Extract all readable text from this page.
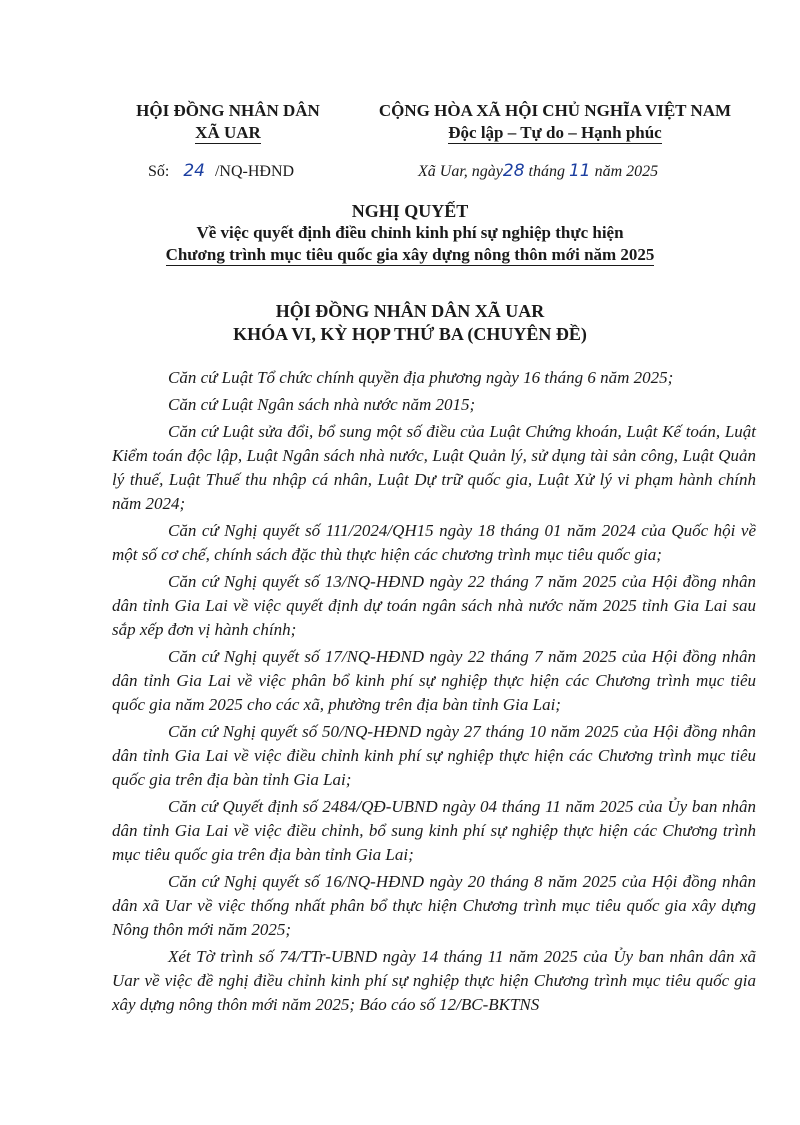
HỘI ĐỒNG NHÂN DÂN
XÃ UAR
CỘNG HÒA XÃ HỘI CHỦ NGHĨA VIỆT NAM
Độc lập – Tự do – Hạnh phúc
Số: 24 /NQ-HĐND	Xã Uar, ngày28 tháng 11 năm 2025
NGHỊ QUYẾT
Về việc quyết định điều chỉnh kinh phí sự nghiệp thực hiện
Chương trình mục tiêu quốc gia xây dựng nông thôn mới năm 2025
HỘI ĐỒNG NHÂN DÂN XÃ UAR
KHÓA VI, KỲ HỌP THỨ BA (CHUYÊN ĐỀ)

Căn cứ Luật Tổ chức chính quyền địa phương ngày 16 tháng 6 năm 2025;

Căn cứ Luật Ngân sách nhà nước năm 2015;

Căn cứ Luật sửa đổi, bổ sung một số điều của Luật Chứng khoán, Luật Kế toán, Luật Kiểm toán độc lập, Luật Ngân sách nhà nước, Luật Quản lý, sử dụng tài sản công, Luật Quản lý thuế, Luật Thuế thu nhập cá nhân, Luật Dự trữ quốc gia, Luật Xử lý vi phạm hành chính năm 2024;

Căn cứ Nghị quyết số 111/2024/QH15 ngày 18 tháng 01 năm 2024 của Quốc hội về một số cơ chế, chính sách đặc thù thực hiện các chương trình mục tiêu quốc gia;

Căn cứ Nghị quyết số 13/NQ-HĐND ngày 22 tháng 7 năm 2025 của Hội đồng nhân dân tỉnh Gia Lai về việc quyết định dự toán ngân sách nhà nước năm 2025 tỉnh Gia Lai sau sắp xếp đơn vị hành chính;

Căn cứ Nghị quyết số 17/NQ-HĐND ngày 22 tháng 7 năm 2025 của Hội đồng nhân dân tỉnh Gia Lai về việc phân bổ kinh phí sự nghiệp thực hiện các Chương trình mục tiêu quốc gia năm 2025 cho các xã, phường trên địa bàn tỉnh Gia Lai;

Căn cứ Nghị quyết số 50/NQ-HĐND ngày 27 tháng 10 năm 2025 của Hội đồng nhân dân tỉnh Gia Lai về việc điều chỉnh kinh phí sự nghiệp thực hiện các Chương trình mục tiêu quốc gia trên địa bàn tỉnh Gia Lai;

Căn cứ Quyết định số 2484/QĐ-UBND ngày 04 tháng 11 năm 2025 của Ủy ban nhân dân tỉnh Gia Lai về việc điều chỉnh, bổ sung kinh phí sự nghiệp thực hiện các Chương trình mục tiêu quốc gia trên địa bàn tỉnh Gia Lai;

Căn cứ Nghị quyết số 16/NQ-HĐND ngày 20 tháng 8 năm 2025 của Hội đồng nhân dân xã Uar về việc thống nhất phân bổ thực hiện Chương trình mục tiêu quốc gia xây dựng Nông thôn mới năm 2025;

Xét Tờ trình số 74/TTr-UBND ngày 14 tháng 11 năm 2025 của Ủy ban nhân dân xã Uar về việc đề nghị điều chỉnh kinh phí sự nghiệp thực hiện Chương trình mục tiêu quốc gia xây dựng nông thôn mới năm 2025; Báo cáo số 12/BC-BKTNS
